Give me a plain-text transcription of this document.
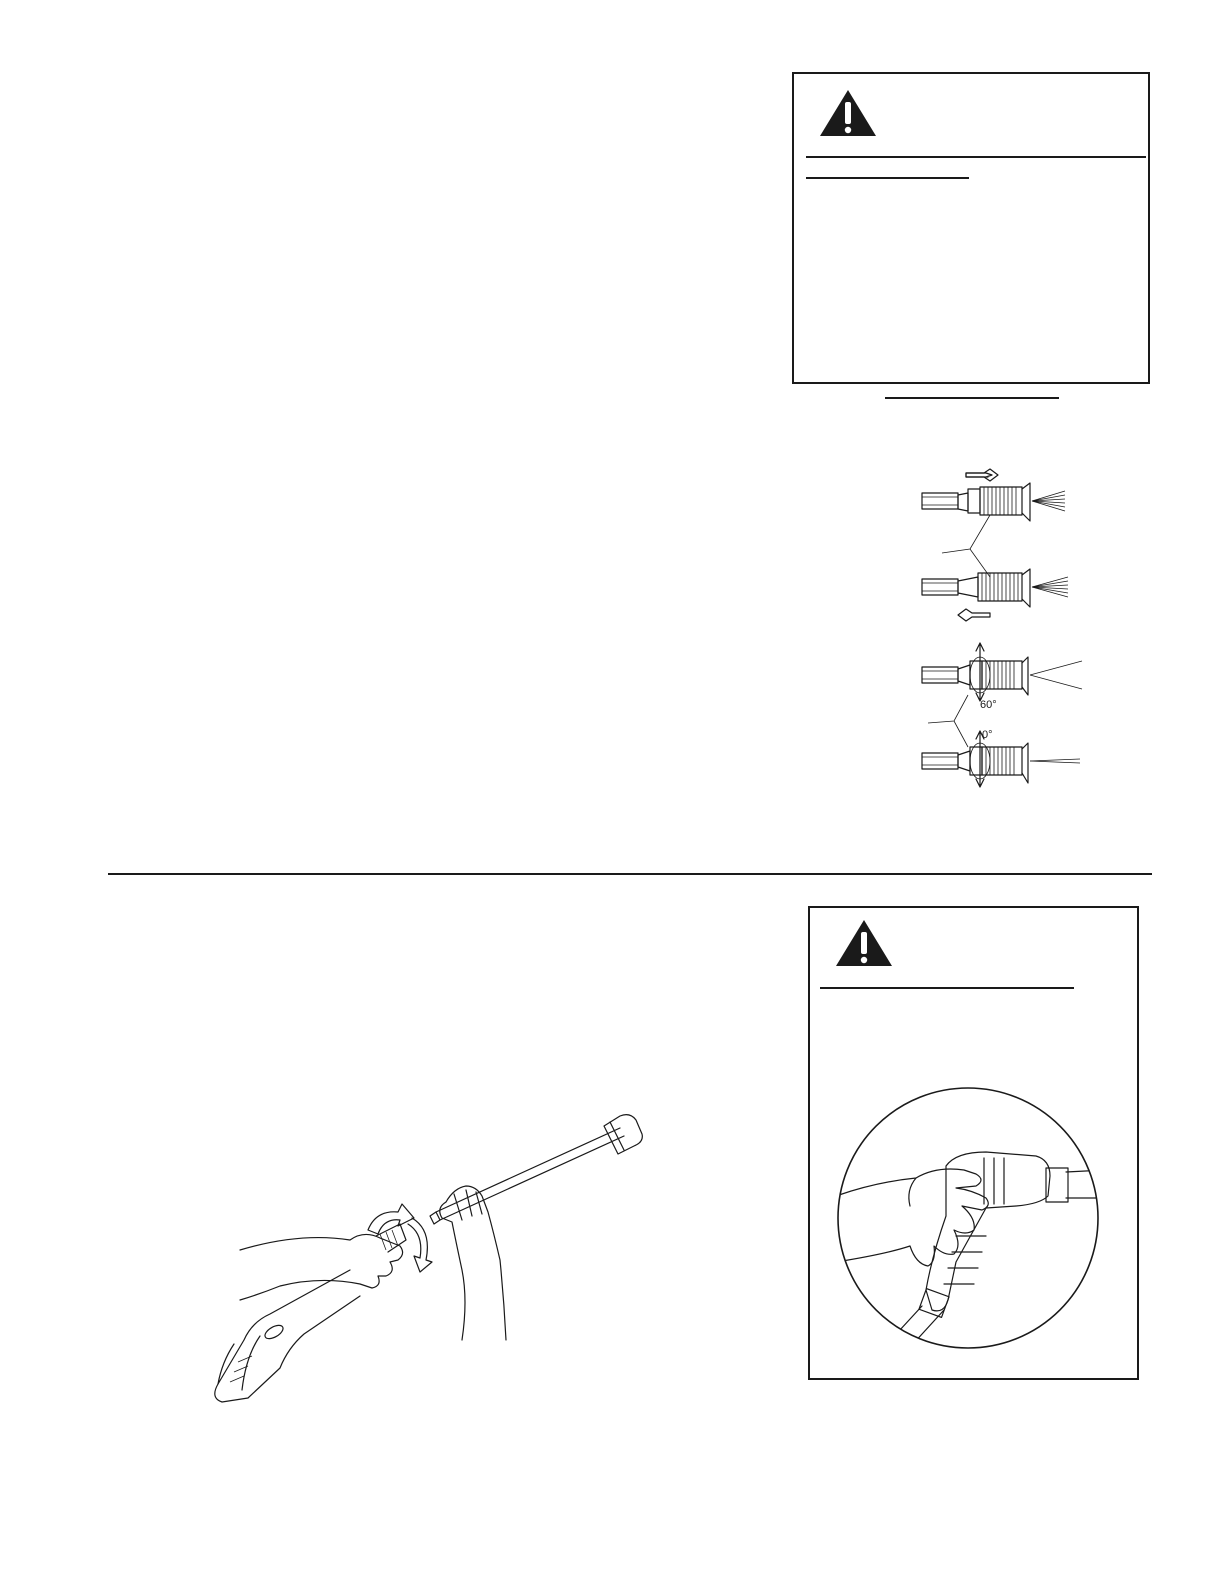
60°
0°
